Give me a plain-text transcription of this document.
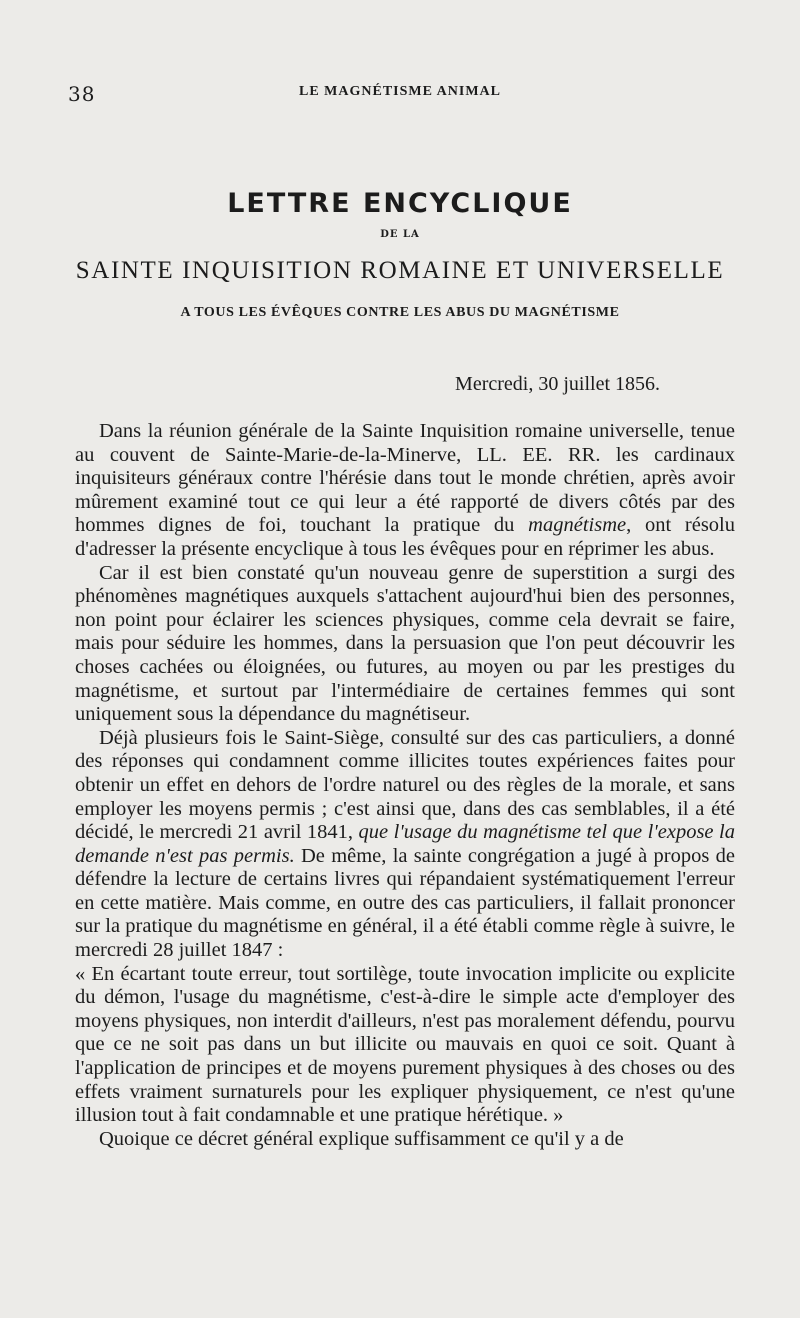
38	LE MAGNÉTISME ANIMAL
LETTRE ENCYCLIQUE
DE LA
SAINTE INQUISITION ROMAINE ET UNIVERSELLE
A TOUS LES ÉVÊQUES CONTRE LES ABUS DU MAGNÉTISME
Mercredi, 30 juillet 1856.

Dans la réunion générale de la Sainte Inquisition romaine universelle, tenue au couvent de Sainte-Marie-de-la-Minerve, LL. EE. RR. les cardinaux inquisiteurs généraux contre l'hérésie dans tout le monde chrétien, après avoir mûrement examiné tout ce qui leur a été rapporté de divers côtés par des hommes dignes de foi, touchant la pratique du magnétisme, ont résolu d'adresser la présente encyclique à tous les évêques pour en réprimer les abus.

Car il est bien constaté qu'un nouveau genre de superstition a surgi des phénomènes magnétiques auxquels s'attachent aujourd'hui bien des personnes, non point pour éclairer les sciences physiques, comme cela devrait se faire, mais pour séduire les hommes, dans la persuasion que l'on peut découvrir les choses cachées ou éloignées, ou futures, au moyen ou par les prestiges du magnétisme, et surtout par l'intermédiaire de certaines femmes qui sont uniquement sous la dépendance du magnétiseur.

Déjà plusieurs fois le Saint-Siège, consulté sur des cas particuliers, a donné des réponses qui condamnent comme illicites toutes expériences faites pour obtenir un effet en dehors de l'ordre naturel ou des règles de la morale, et sans employer les moyens permis ; c'est ainsi que, dans des cas semblables, il a été décidé, le mercredi 21 avril 1841, que l'usage du magnétisme tel que l'expose la demande n'est pas permis. De même, la sainte congrégation a jugé à propos de défendre la lecture de certains livres qui répandaient systématiquement l'erreur en cette matière. Mais comme, en outre des cas particuliers, il fallait prononcer sur la pratique du magnétisme en général, il a été établi comme règle à suivre, le mercredi 28 juillet 1847 :

« En écartant toute erreur, tout sortilège, toute invocation implicite ou explicite du démon, l'usage du magnétisme, c'est-à-dire le simple acte d'employer des moyens physiques, non interdit d'ailleurs, n'est pas moralement défendu, pourvu que ce ne soit pas dans un but illicite ou mauvais en quoi ce soit. Quant à l'application de principes et de moyens purement physiques à des choses ou des effets vraiment surnaturels pour les expliquer physiquement, ce n'est qu'une illusion tout à fait condamnable et une pratique hérétique. »

Quoique ce décret général explique suffisamment ce qu'il y a de
